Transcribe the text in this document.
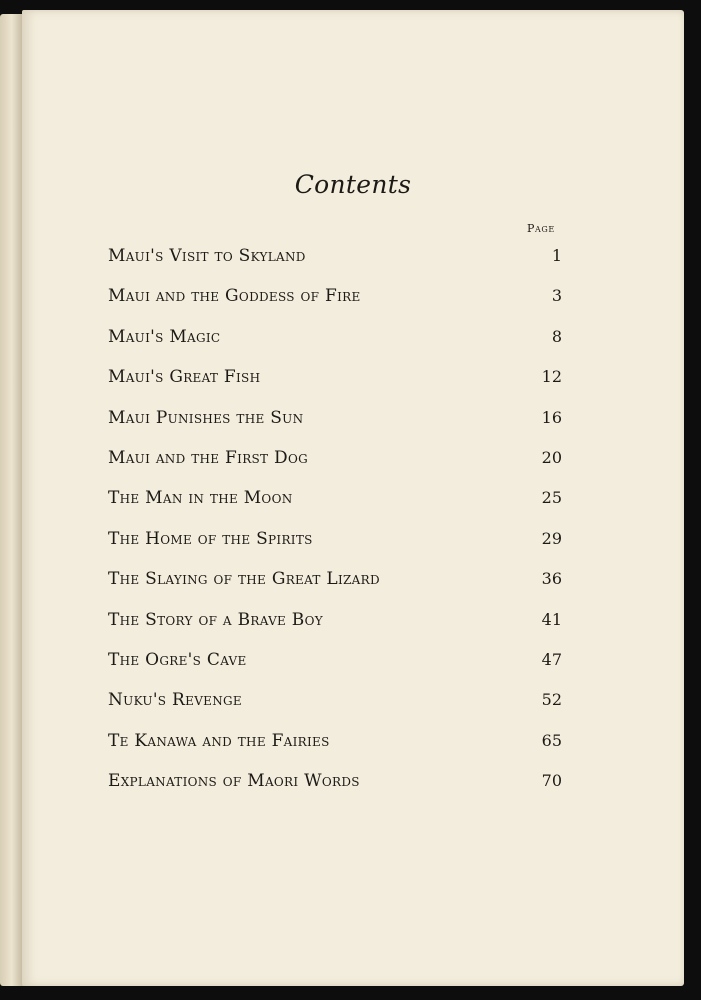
Contents
Page
Maui's Visit to Skyland	1
Maui and the Goddess of Fire	3
Maui's Magic	8
Maui's Great Fish	12
Maui Punishes the Sun	16
Maui and the First Dog	20
The Man in the Moon	25
The Home of the Spirits	29
The Slaying of the Great Lizard	36
The Story of a Brave Boy	41
The Ogre's Cave	47
Nuku's Revenge	52
Te Kanawa and the Fairies	65
Explanations of Maori Words	70
